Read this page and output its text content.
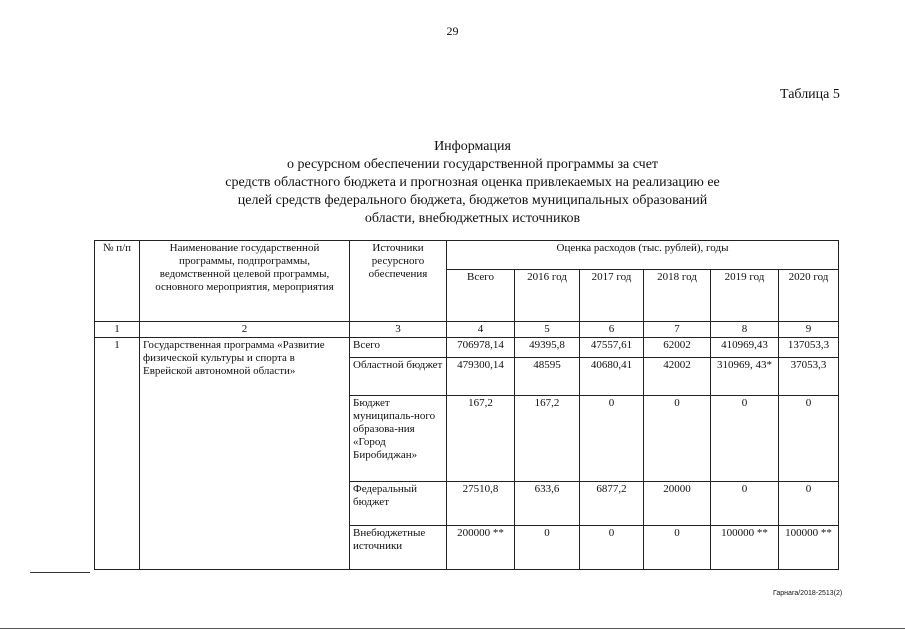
29
Таблица 5
Информация
о ресурсном обеспечении государственной программы за счет
средств областного бюджета и прогнозная оценка привлекаемых на реализацию ее
целей средств федерального бюджета, бюджетов муниципальных образований
области, внебюджетных источников
№ п/п	Наименование государственной программы, подпрограммы, ведомственной целевой программы, основного мероприятия, мероприятия	Источники ресурсного обеспечения	Оценка расходов (тыс. рублей), годы					
			Всего	2016 год	2017 год	2018 год	2019 год	2020 год
1	2	3	4	5	6	7	8	9
1	Государственная программа «Развитие физической культуры и спорта в Еврейской автономной области»	Всего	706978,14	49395,8	47557,61	62002	410969,43	137053,3
		Областной бюджет	479300,14	48595	40680,41	42002	310969, 43*	37053,3
		Бюджет муниципаль-ного образова-ния «Город Биробиджан»	167,2	167,2	0	0	0	0
		Федеральный бюджет	27510,8	633,6	6877,2	20000	0	0
		Внебюджетные источники	200000 **	0	0	0	100000 **	100000 **
Гарнага/2018-2513(2)
